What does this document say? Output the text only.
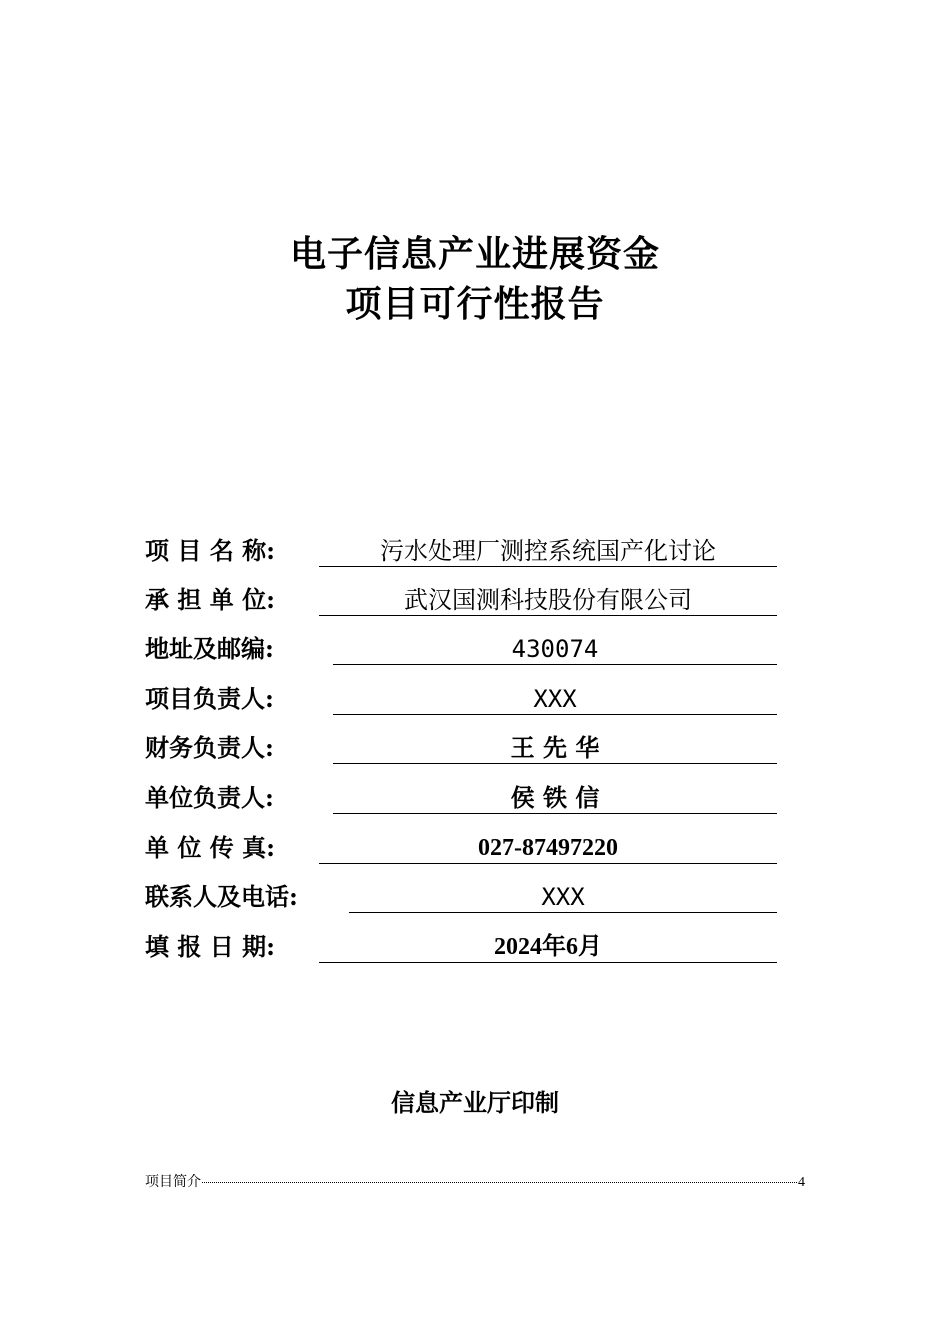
电子信息产业进展资金
项目可行性报告
项 目 名 称:	污水处理厂测控系统国产化讨论
承 担 单 位:	武汉国测科技股份有限公司
地址及邮编:	430074
项目负责人:	XXX
财务负责人:	王 先 华
单位负责人:	侯 铁 信
单 位 传 真:	027-87497220
联系人及电话:	XXX
填 报 日 期:	2024年6月
信息产业厅印制
项目简介	4
